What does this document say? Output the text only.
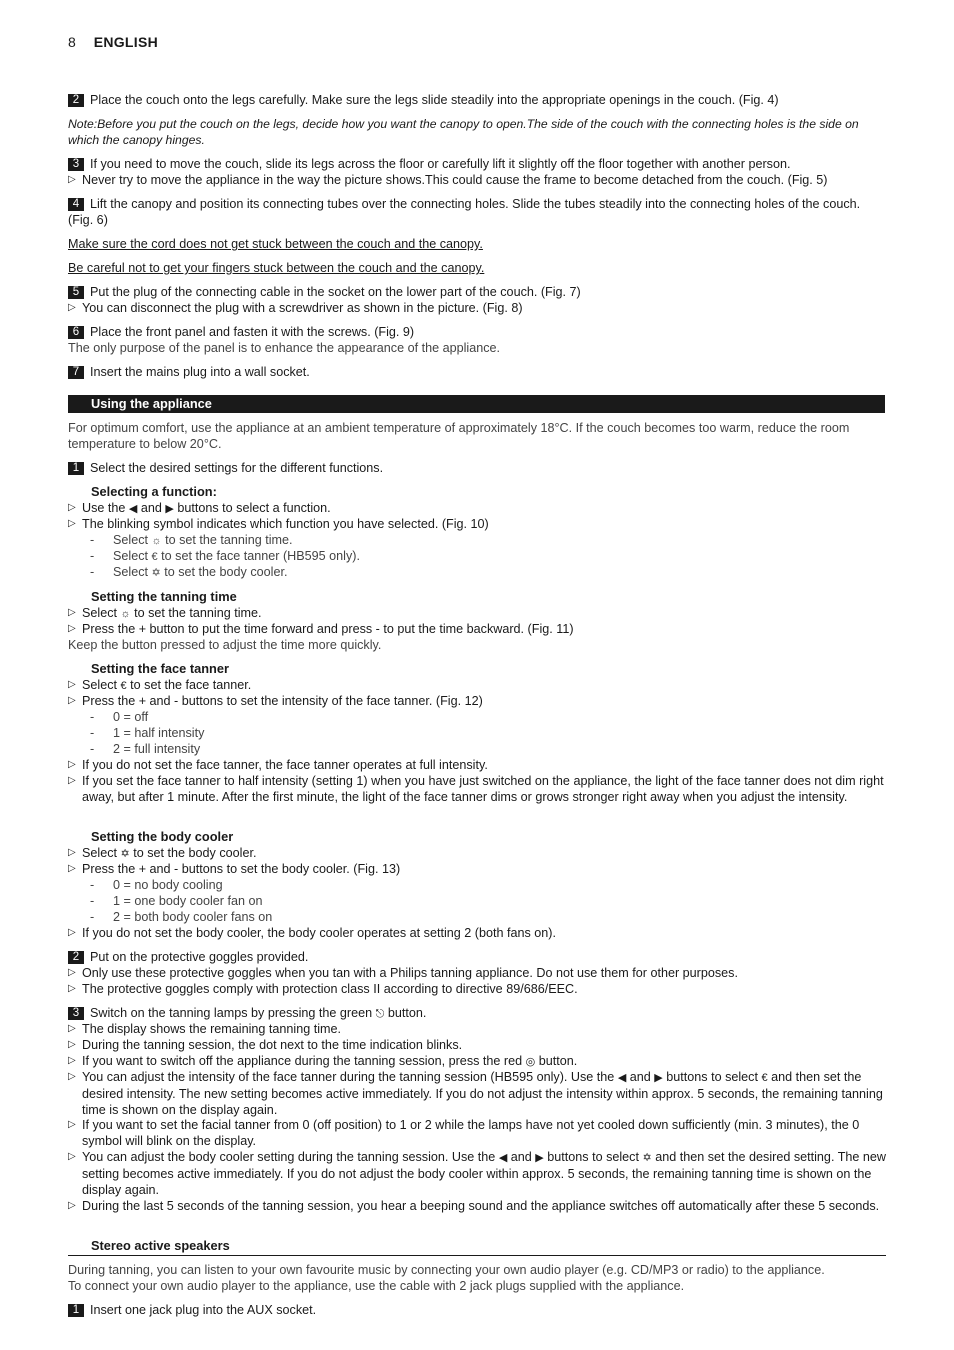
8 ENGLISH

2 Place the couch onto the legs carefully. Make sure the legs slide steadily into the appropriate openings in the couch. (Fig. 4)

Note:Before you put the couch on the legs, decide how you want the canopy to open.The side of the couch with the connecting holes is the side on which the canopy hinges.

3 If you need to move the couch, slide its legs across the floor or carefully lift it slightly off the floor together with another person.

▷ Never try to move the appliance in the way the picture shows.This could cause the frame to become detached from the couch. (Fig. 5)

4 Lift the canopy and position its connecting tubes over the connecting holes. Slide the tubes steadily into the connecting holes of the couch. (Fig. 6)

Make sure the cord does not get stuck between the couch and the canopy.

Be careful not to get your fingers stuck between the couch and the canopy.

5 Put the plug of the connecting cable in the socket on the lower part of the couch. (Fig. 7)

▷ You can disconnect the plug with a screwdriver as shown in the picture. (Fig. 8)

6 Place the front panel and fasten it with the screws. (Fig. 9)

The only purpose of the panel is to enhance the appearance of the appliance.

7 Insert the mains plug into a wall socket.

Using the appliance

For optimum comfort, use the appliance at an ambient temperature of approximately 18°C. If the couch becomes too warm, reduce the room temperature to below 20°C.

1 Select the desired settings for the different functions.

Selecting a function:

▷ Use the ◀ and ▶ buttons to select a function.

▷ The blinking symbol indicates which function you have selected. (Fig. 10)

- Select ☼ to set the tanning time.

- Select € to set the face tanner (HB595 only).

- Select ✡ to set the body cooler.

Setting the tanning time

▷ Select ☼ to set the tanning time.

▷ Press the + button to put the time forward and press - to put the time backward. (Fig. 11)

Keep the button pressed to adjust the time more quickly.

Setting the face tanner

▷ Select € to set the face tanner.

▷ Press the + and - buttons to set the intensity of the face tanner. (Fig. 12)

- 0 = off

- 1 = half intensity

- 2 = full intensity

▷ If you do not set the face tanner, the face tanner operates at full intensity.

▷ If you set the face tanner to half intensity (setting 1) when you have just switched on the appliance, the light of the face tanner does not dim right away, but after 1 minute. After the first minute, the light of the face tanner dims or grows stronger right away when you adjust the intensity.

Setting the body cooler

▷ Select ✡ to set the body cooler.

▷ Press the + and - buttons to set the body cooler. (Fig. 13)

- 0 = no body cooling

- 1 = one body cooler fan on

- 2 = both body cooler fans on

▷ If you do not set the body cooler, the body cooler operates at setting 2 (both fans on).

2 Put on the protective goggles provided.

▷ Only use these protective goggles when you tan with a Philips tanning appliance. Do not use them for other purposes.

▷ The protective goggles comply with protection class II according to directive 89/686/EEC.

3 Switch on the tanning lamps by pressing the green ⎋ button.

▷ The display shows the remaining tanning time.

▷ During the tanning session, the dot next to the time indication blinks.

▷ If you want to switch off the appliance during the tanning session, press the red ◎ button.

▷ You can adjust the intensity of the face tanner during the tanning session (HB595 only). Use the ◀ and ▶ buttons to select € and then set the desired intensity. The new setting becomes active immediately. If you do not adjust the intensity within approx. 5 seconds, the remaining tanning time is shown on the display again.

▷ If you want to set the facial tanner from 0 (off position) to 1 or 2 while the lamps have not yet cooled down sufficiently (min. 3 minutes), the 0 symbol will blink on the display.

▷ You can adjust the body cooler setting during the tanning session. Use the ◀ and ▶ buttons to select ✡ and then set the desired setting. The new setting becomes active immediately. If you do not adjust the body cooler within approx. 5 seconds, the remaining tanning time is shown on the display again.

▷ During the last 5 seconds of the tanning session, you hear a beeping sound and the appliance switches off automatically after these 5 seconds.

Stereo active speakers

During tanning, you can listen to your own favourite music by connecting your own audio player (e.g. CD/MP3 or radio) to the appliance.

To connect your own audio player to the appliance, use the cable with 2 jack plugs supplied with the appliance.

1 Insert one jack plug into the AUX socket.
